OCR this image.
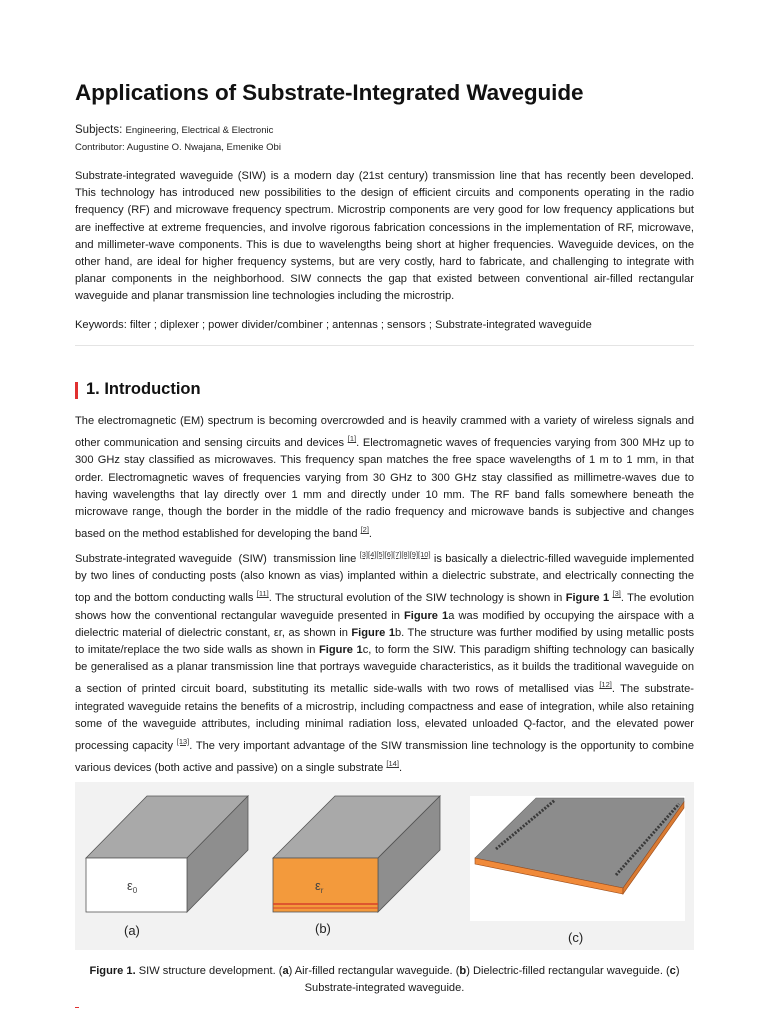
Applications of Substrate-Integrated Waveguide
Subjects: Engineering, Electrical & Electronic
Contributor: Augustine O. Nwajana, Emenike Obi

Substrate-integrated waveguide (SIW) is a modern day (21st century) transmission line that has recently been developed. This technology has introduced new possibilities to the design of efficient circuits and components operating in the radio frequency (RF) and microwave frequency spectrum. Microstrip components are very good for low frequency applications but are ineffective at extreme frequencies, and involve rigorous fabrication concessions in the implementation of RF, microwave, and millimeter-wave components. This is due to wavelengths being short at higher frequencies. Waveguide devices, on the other hand, are ideal for higher frequency systems, but are very costly, hard to fabricate, and challenging to integrate with planar components in the neighborhood. SIW connects the gap that existed between conventional air-filled rectangular waveguide and planar transmission line technologies including the microstrip.

Keywords: filter ; diplexer ; power divider/combiner ; antennas ; sensors ; Substrate-integrated waveguide
1. Introduction

The electromagnetic (EM) spectrum is becoming overcrowded and is heavily crammed with a variety of wireless signals and other communication and sensing circuits and devices [1]. Electromagnetic waves of frequencies varying from 300 MHz up to 300 GHz stay classified as microwaves. This frequency span matches the free space wavelengths of 1 m to 1 mm, in that order. Electromagnetic waves of frequencies varying from 30 GHz to 300 GHz stay classified as millimetre-waves due to having wavelengths that lay directly over 1 mm and directly under 10 mm. The RF band falls somewhere beneath the microwave range, though the border in the middle of the radio frequency and microwave bands is subjective and changes based on the method established for developing the band [2].

Substrate-integrated waveguide  (SIW)  transmission line [3][4][5][6][7][8][9][10] is basically a dielectric-filled waveguide implemented by two lines of conducting posts (also known as vias) implanted within a dielectric substrate, and electrically connecting the top and the bottom conducting walls [11]. The structural evolution of the SIW technology is shown in Figure 1 [3]. The evolution shows how the conventional rectangular waveguide presented in Figure 1a was modified by occupying the airspace with a dielectric material of dielectric constant, εr, as shown in Figure 1b. The structure was further modified by using metallic posts to imitate/replace the two side walls as shown in Figure 1c, to form the SIW. This paradigm shifting technology can basically be generalised as a planar transmission line that portrays waveguide characteristics, as it builds the traditional waveguide on a section of printed circuit board, substituting its metallic side-walls with two rows of metallised vias [12]. The substrate-integrated waveguide retains the benefits of a microstrip, including compactness and ease of integration, while also retaining some of the waveguide attributes, including minimal radiation loss, elevated unloaded Q-factor, and the elevated power processing capacity [13]. The very important advantage of the SIW transmission line technology is the opportunity to combine various devices (both active and passive) on a single substrate [14].

$\varepsilon_0$
(a)
$\varepsilon_r$
(b)
(c)
Figure 1. SIW structure development. (a) Air-filled rectangular waveguide. (b) Dielectric-filled rectangular waveguide. (c) Substrate-integrated waveguide.
